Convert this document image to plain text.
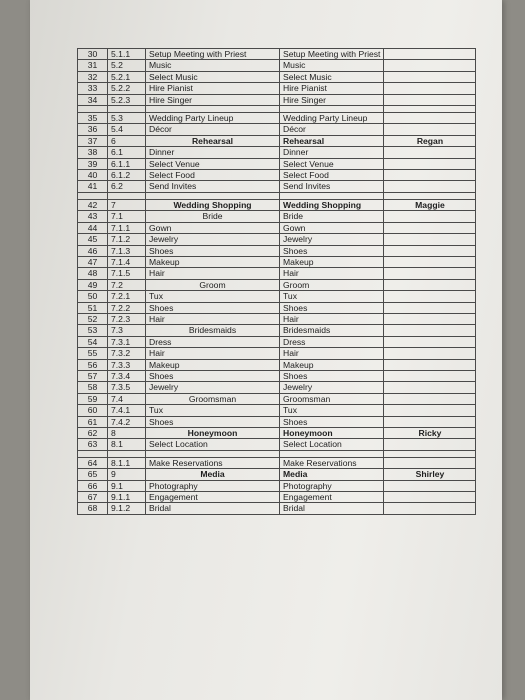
30	5.1.1	Setup Meeting with Priest	Setup Meeting with Priest	
31	5.2	Music	Music	
32	5.2.1	Select Music	Select Music	
33	5.2.2	Hire Pianist	Hire Pianist	
34	5.2.3	Hire Singer	Hire Singer	

35	5.3	Wedding Party Lineup	Wedding Party Lineup	
36	5.4	Décor	Décor	
37	6	Rehearsal	Rehearsal	Regan
38	6.1	Dinner	Dinner	
39	6.1.1	Select Venue	Select Venue	
40	6.1.2	Select Food	Select Food	
41	6.2	Send Invites	Send Invites	

42	7	Wedding Shopping	Wedding Shopping	Maggie
43	7.1	Bride	Bride	
44	7.1.1	Gown	Gown	
45	7.1.2	Jewelry	Jewelry	
46	7.1.3	Shoes	Shoes	
47	7.1.4	Makeup	Makeup	
48	7.1.5	Hair	Hair	
49	7.2	Groom	Groom	
50	7.2.1	Tux	Tux	
51	7.2.2	Shoes	Shoes	
52	7.2.3	Hair	Hair	
53	7.3	Bridesmaids	Bridesmaids	
54	7.3.1	Dress	Dress	
55	7.3.2	Hair	Hair	
56	7.3.3	Makeup	Makeup	
57	7.3.4	Shoes	Shoes	
58	7.3.5	Jewelry	Jewelry	
59	7.4	Groomsman	Groomsman	
60	7.4.1	Tux	Tux	
61	7.4.2	Shoes	Shoes	
62	8	Honeymoon	Honeymoon	Ricky
63	8.1	Select Location	Select Location	

64	8.1.1	Make Reservations	Make Reservations	
65	9	Media	Media	Shirley
66	9.1	Photography	Photography	
67	9.1.1	Engagement	Engagement	
68	9.1.2	Bridal	Bridal	
